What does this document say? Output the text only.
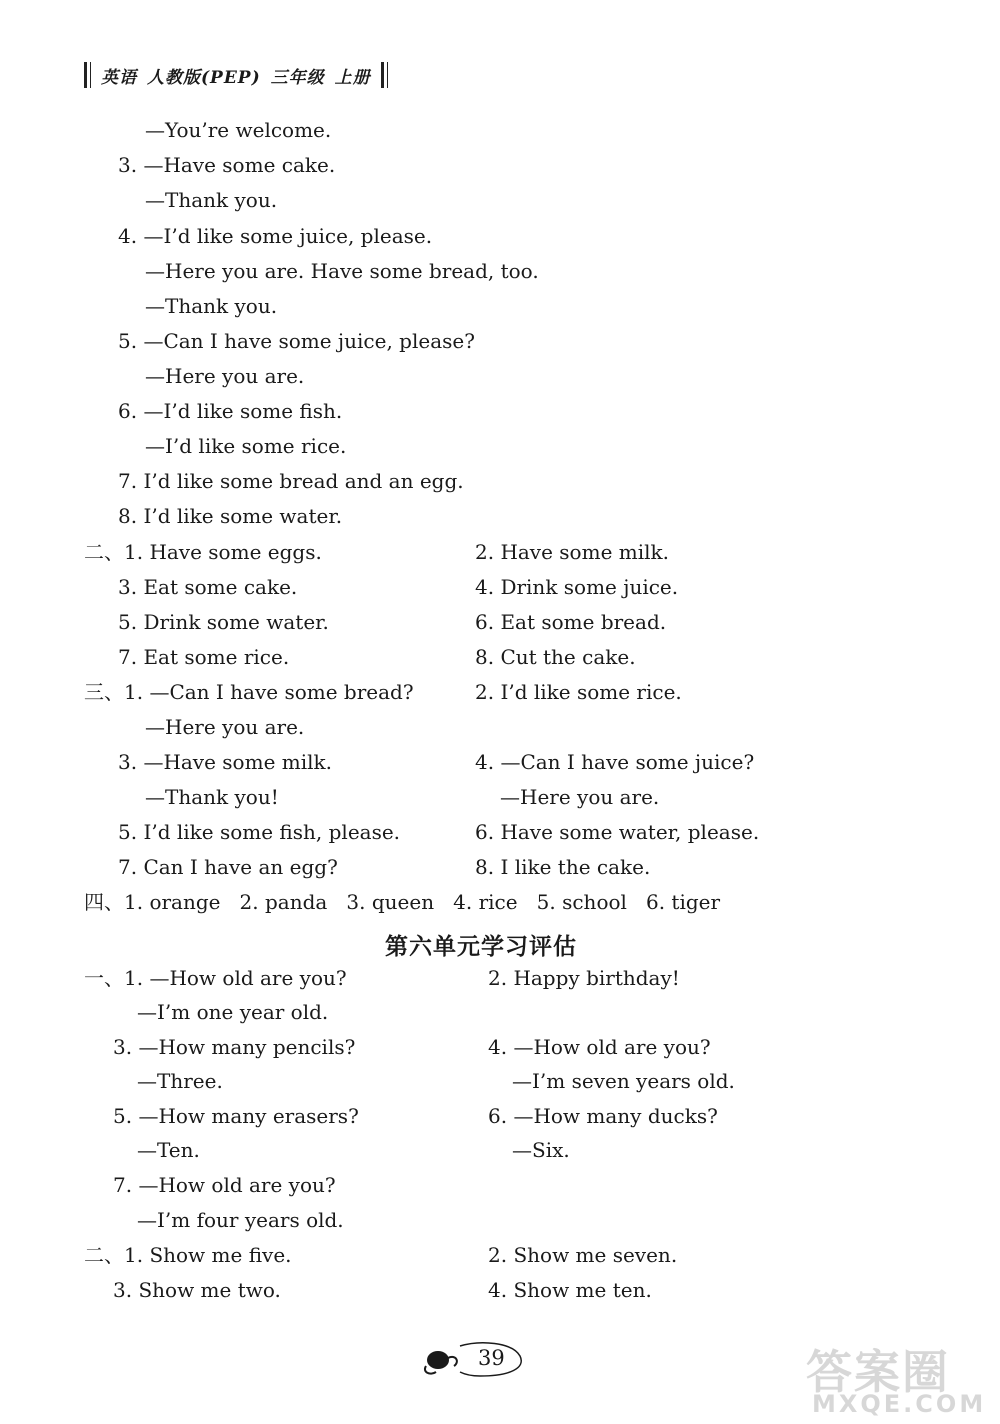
英语 人教版(PEP) 三年级 上册
—You’re welcome.
3. —Have some cake.
—Thank you.
4. —I’d like some juice, please.
—Here you are. Have some bread, too.
—Thank you.
5. —Can I have some juice, please?
—Here you are.
6. —I’d like some fish.
—I’d like some rice.
7. I’d like some bread and an egg.
8. I’d like some water.
二、1. Have some eggs.	2. Have some milk.
3. Eat some cake.	4. Drink some juice.
5. Drink some water.	6. Eat some bread.
7. Eat some rice.	8. Cut the cake.
三、1. —Can I have some bread?	2. I’d like some rice.
—Here you are.
3. —Have some milk.	4. —Can I have some juice?
—Thank you!	—Here you are.
5. I’d like some fish, please.	6. Have some water, please.
7. Can I have an egg?	8. I like the cake.
四、1. orange   2. panda   3. queen   4. rice   5. school   6. tiger
第六单元学习评估
一、1. —How old are you?	2. Happy birthday!
—I’m one year old.
3. —How many pencils?	4. —How old are you?
—Three.	—I’m seven years old.
5. —How many erasers?	6. —How many ducks?
—Ten.	—Six.
7. —How old are you?
—I’m four years old.
二、1. Show me five.	2. Show me seven.
3. Show me two.	4. Show me ten.
39	答案圈
MXQE.COM
